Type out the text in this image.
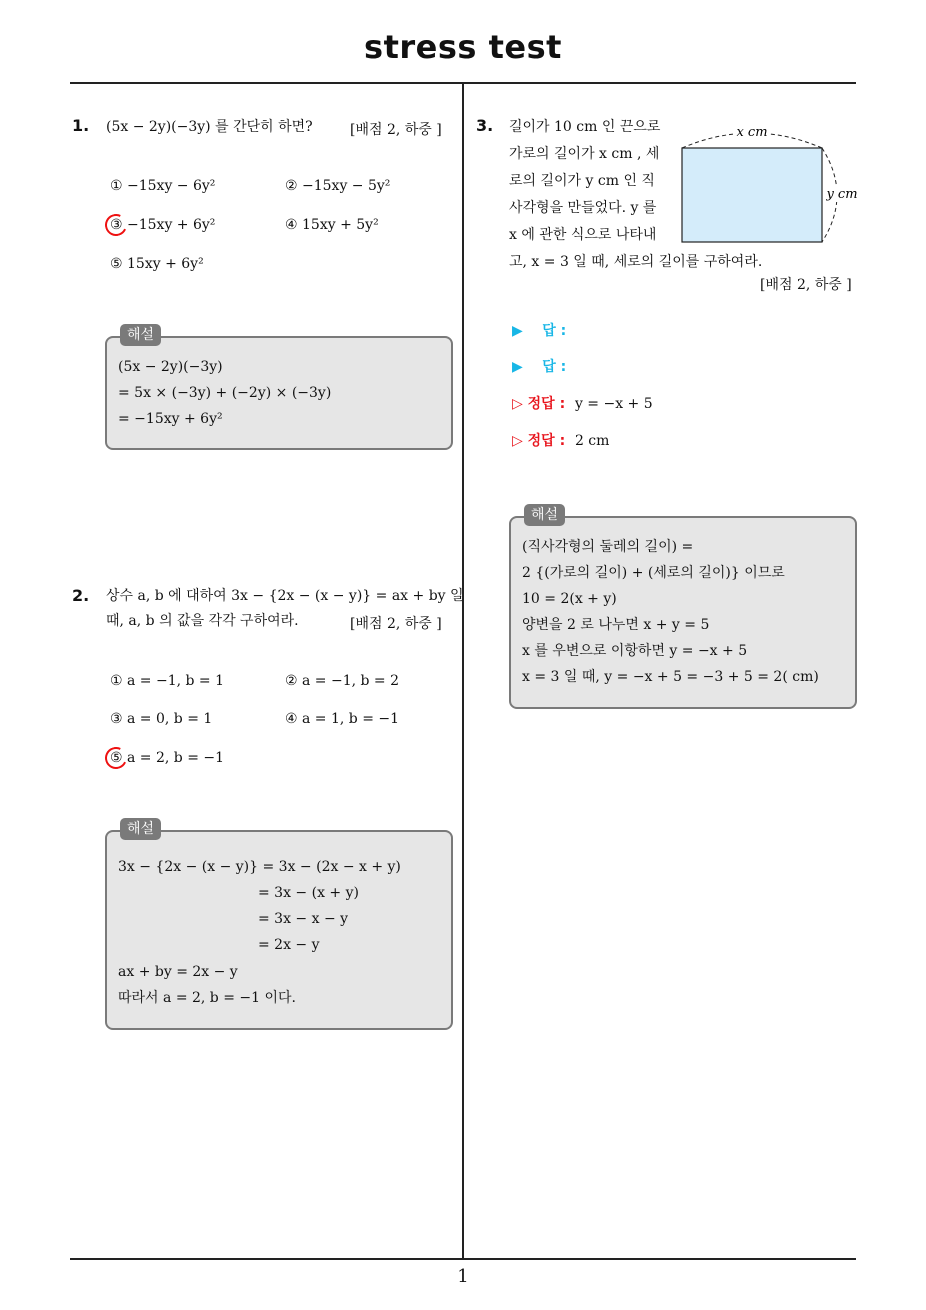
stress test
1
1. (5x − 2y)(−3y) 를 간단히 하면?	[배점 2, 하중 ]
① −15xy − 6y²	② −15xy − 5y²
③ −15xy + 6y²	④ 15xy + 5y²
⑤ 15xy + 6y²
해설
(5x − 2y)(−3y)
= 5x × (−3y) + (−2y) × (−3y)
= −15xy + 6y²
2. 상수 a, b 에 대하여 3x − {2x − (x − y)} = ax + by 일
때, a, b 의 값을 각각 구하여라.	[배점 2, 하중 ]
① a = −1, b = 1	② a = −1, b = 2
③ a = 0, b = 1	④ a = 1, b = −1
⑤ a = 2, b = −1
해설
3x − {2x − (x − y)} = 3x − (2x − x + y)
= 3x − (x + y)
= 3x − x − y
= 2x − y
ax + by = 2x − y
따라서 a = 2, b = −1 이다.
3. 길이가 10 cm 인 끈으로
가로의 길이가 x cm , 세
로의 길이가 y cm 인 직
사각형을 만들었다. y 를
x 에 관한 식으로 나타내
고, x = 3 일 때, 세로의 길이를 구하여라.
[배점 2, 하중 ]
x cm
y cm
▶ 답 :
▶ 답 :
▷ 정답 : y = −x + 5
▷ 정답 : 2 cm
해설
(직사각형의 둘레의 길이) =
2 {(가로의 길이) + (세로의 길이)} 이므로
10 = 2(x + y)
양변을 2 로 나누면 x + y = 5
x 를 우변으로 이항하면 y = −x + 5
x = 3 일 때, y = −x + 5 = −3 + 5 = 2( cm)
